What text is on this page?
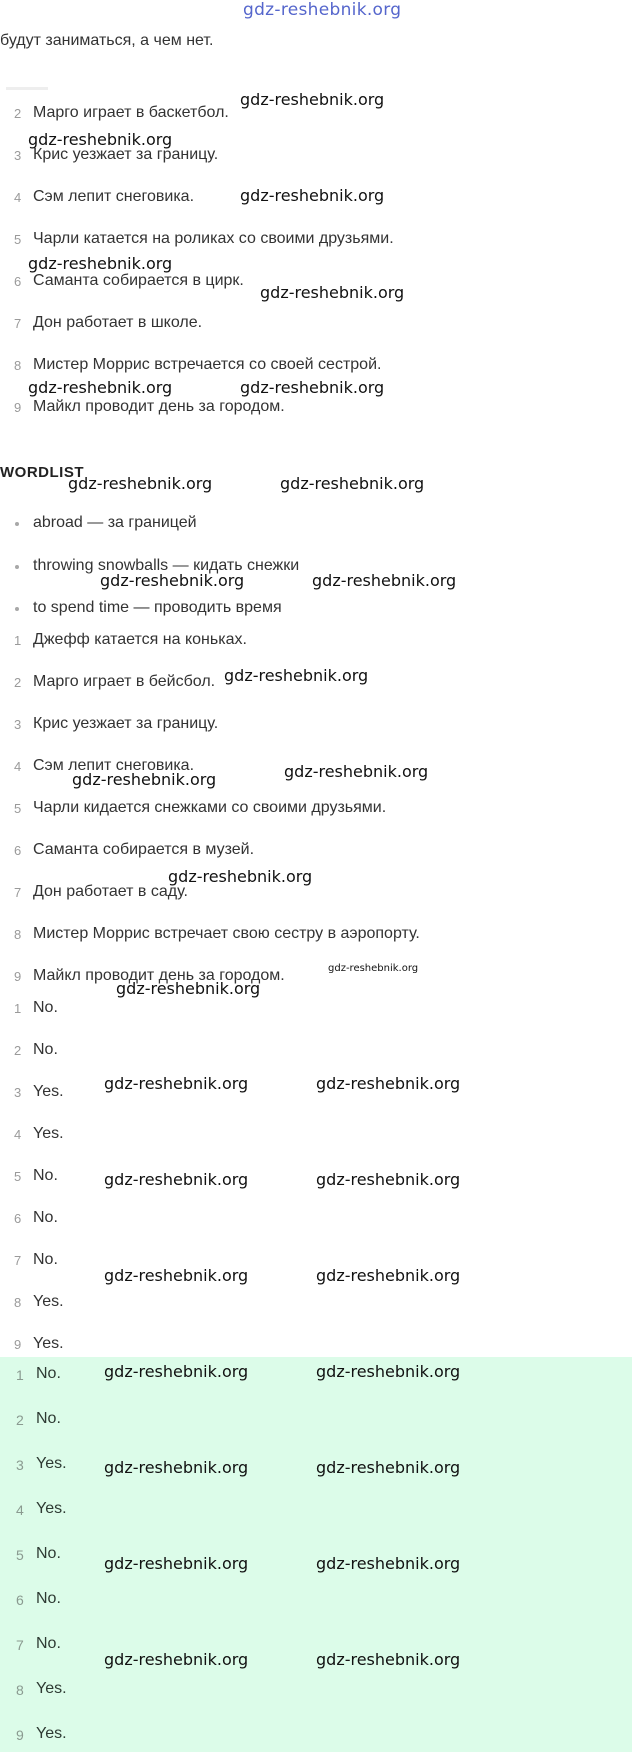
gdz-reshebnik.org
будут заниматься, а чем нет.
2 Марго играет в баскетбол.
3 Крис уезжает за границу.
4 Сэм лепит снеговика.
5 Чарли катается на роликах со своими друзьями.
6 Саманта собирается в цирк.
7 Дон работает в школе.
8 Мистер Моррис встречается со своей сестрой.
9 Майкл проводит день за городом.
WORDLIST
abroad — за границей
throwing snowballs — кидать снежки
to spend time — проводить время
1 Джефф катается на коньках.
2 Марго играет в бейсбол.
3 Крис уезжает за границу.
4 Сэм лепит снеговика.
5 Чарли кидается снежками со своими друзьями.
6 Саманта собирается в музей.
7 Дон работает в саду.
8 Мистер Моррис встречает свою сестру в аэропорту.
9 Майкл проводит день за городом.
1 No.
2 No.
3 Yes.
4 Yes.
5 No.
6 No.
7 No.
8 Yes.
9 Yes.
1 No.
2 No.
3 Yes.
4 Yes.
5 No.
6 No.
7 No.
8 Yes.
9 Yes.
gdz-reshebnik.org
gdz-reshebnik.org
gdz-reshebnik.org
gdz-reshebnik.org
gdz-reshebnik.org
gdz-reshebnik.org	gdz-reshebnik.org
gdz-reshebnik.org	gdz-reshebnik.org
gdz-reshebnik.org	gdz-reshebnik.org
gdz-reshebnik.org
gdz-reshebnik.org	gdz-reshebnik.org
gdz-reshebnik.org
gdz-reshebnik.org
gdz-reshebnik.org
gdz-reshebnik.org	gdz-reshebnik.org
gdz-reshebnik.org	gdz-reshebnik.org
gdz-reshebnik.org	gdz-reshebnik.org
gdz-reshebnik.org	gdz-reshebnik.org
gdz-reshebnik.org	gdz-reshebnik.org
gdz-reshebnik.org	gdz-reshebnik.org
gdz-reshebnik.org	gdz-reshebnik.org
